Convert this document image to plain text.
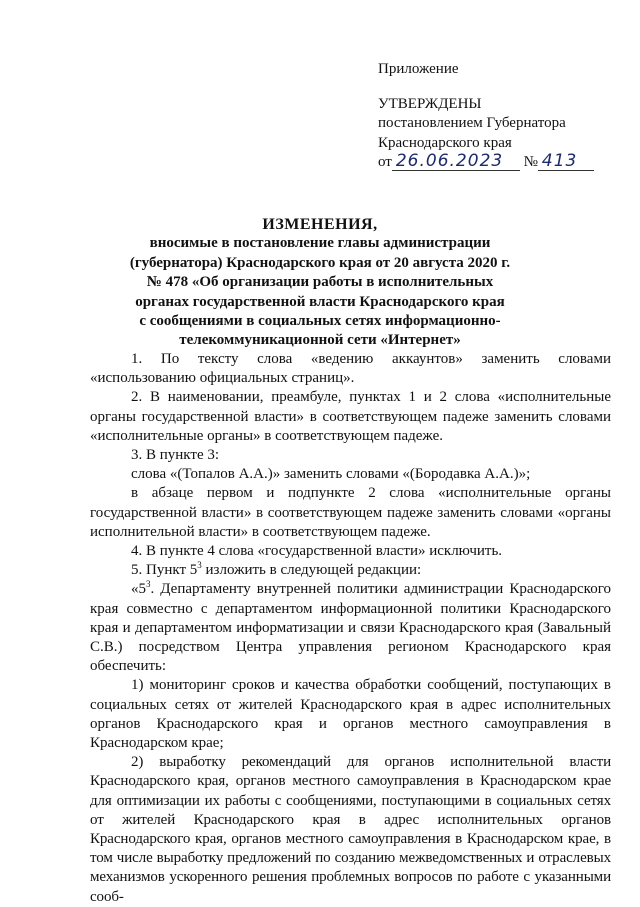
Приложение

УТВЕРЖДЕНЫ

постановлением Губернатора

Краснодарского края

от 26.06.2023 № 413

ИЗМЕНЕНИЯ,

вносимые в постановление главы администрации

(губернатора) Краснодарского края от 20 августа 2020 г.

№ 478 «Об организации работы в исполнительных

органах государственной власти Краснодарского края

с сообщениями в социальных сетях информационно-

телекоммуникационной сети «Интернет»

1. По тексту слова «ведению аккаунтов» заменить словами «использованию официальных страниц».

2. В наименовании, преамбуле, пунктах 1 и 2 слова «исполнительные органы государственной власти» в соответствующем падеже заменить словами «исполнительные органы» в соответствующем падеже.

3. В пункте 3:

слова «(Топалов А.А.)» заменить словами «(Бородавка А.А.)»;

в абзаце первом и подпункте 2 слова «исполнительные органы государственной власти» в соответствующем падеже заменить словами «органы исполнительной власти» в соответствующем падеже.

4. В пункте 4 слова «государственной власти» исключить.

5. Пункт $5^3$ изложить в следующей редакции:

«$5^3$. Департаменту внутренней политики администрации Краснодарского края совместно с департаментом информационной политики Краснодарского края и департаментом информатизации и связи Краснодарского края (Завальный С.В.) посредством Центра управления регионом Краснодарского края обеспечить:

1) мониторинг сроков и качества обработки сообщений, поступающих в социальных сетях от жителей Краснодарского края в адрес исполнительных органов Краснодарского края и органов местного самоуправления в Краснодарском крае;

2) выработку рекомендаций для органов исполнительной власти Краснодарского края, органов местного самоуправления в Краснодарском крае для оптимизации их работы с сообщениями, поступающими в социальных сетях от жителей Краснодарского края в адрес исполнительных органов Краснодарского края, органов местного самоуправления в Краснодарском крае, в том числе выработку предложений по созданию межведомственных и отраслевых механизмов ускоренного решения проблемных вопросов по работе с указанными сооб-
